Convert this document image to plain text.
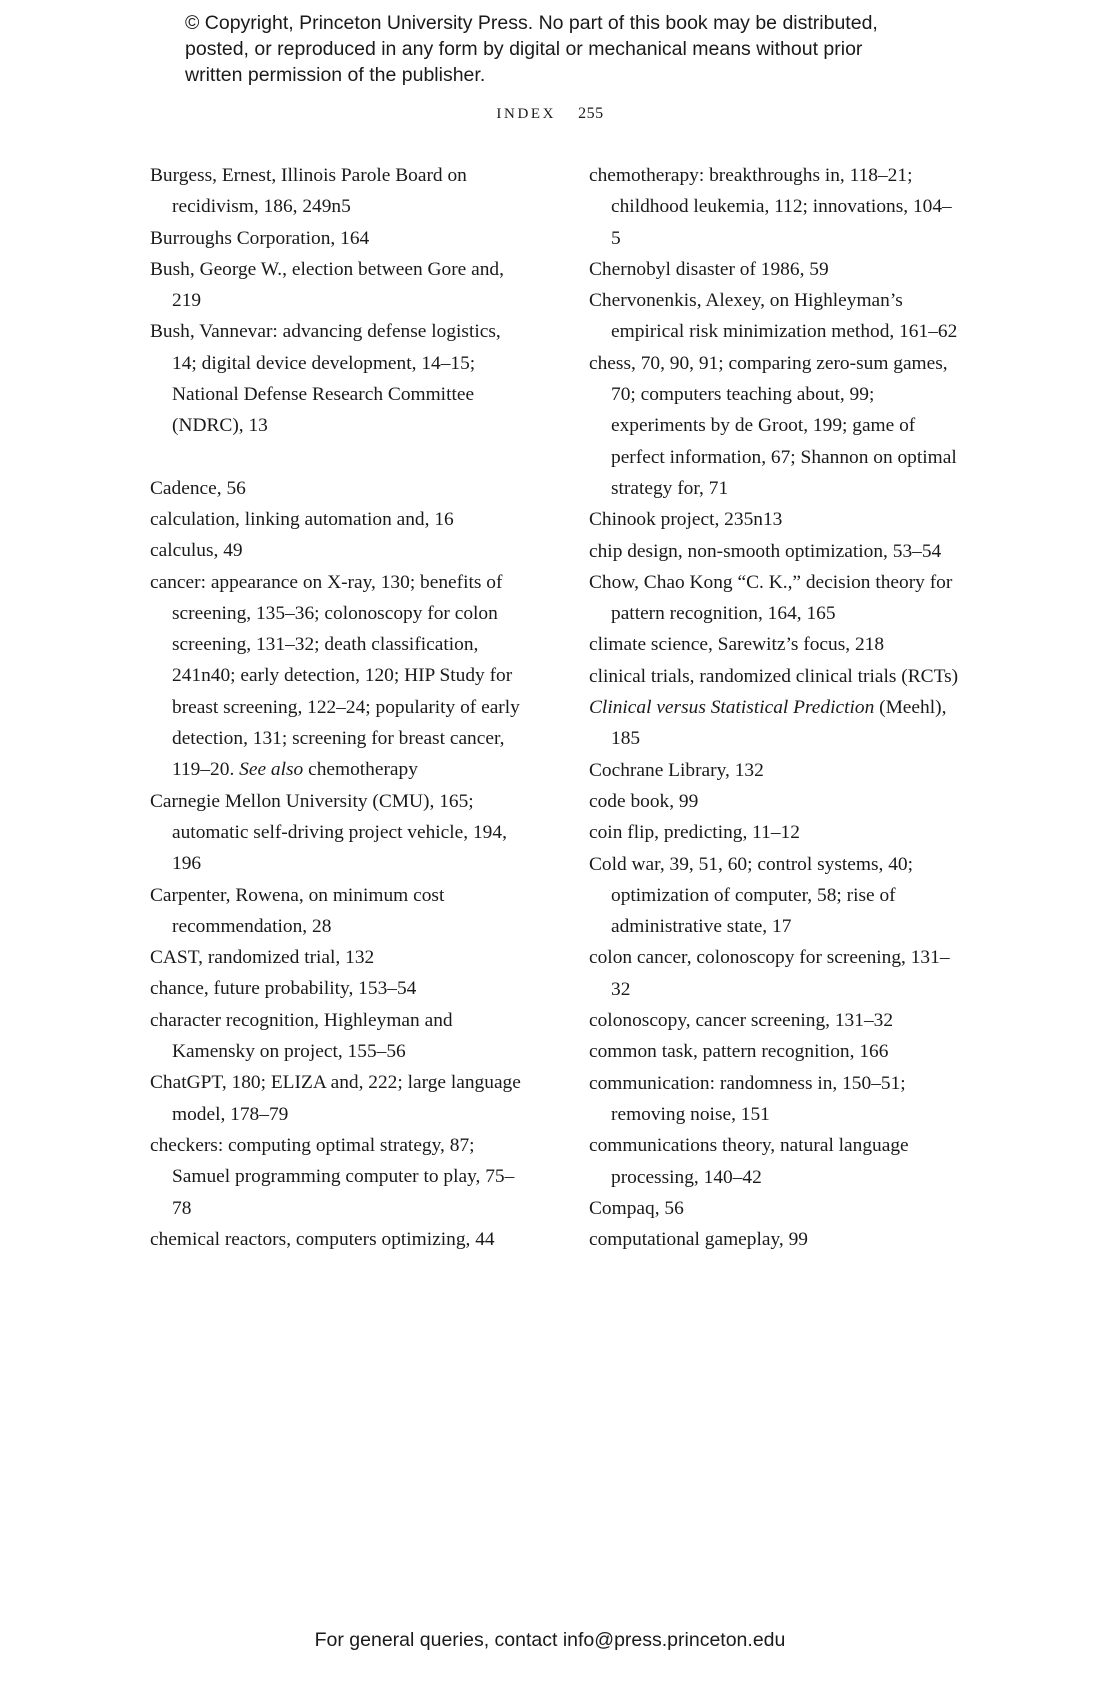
© Copyright, Princeton University Press. No part of this book may be distributed, posted, or reproduced in any form by digital or mechanical means without prior written permission of the publisher.
INDEX 255

Burgess, Ernest, Illinois Parole Board on recidivism, 186, 249n5

Burroughs Corporation, 164

Bush, George W., election between Gore and, 219

Bush, Vannevar: advancing defense logistics, 14; digital device development, 14–15; National Defense Research Committee (NDRC), 13

Cadence, 56

calculation, linking automation and, 16

calculus, 49

cancer: appearance on X-ray, 130; benefits of screening, 135–36; colonoscopy for colon screening, 131–32; death classification, 241n40; early detection, 120; HIP Study for breast screening, 122–24; popularity of early detection, 131; screening for breast cancer, 119–20. See also chemotherapy

Carnegie Mellon University (CMU), 165; automatic self-driving project vehicle, 194, 196

Carpenter, Rowena, on minimum cost recommendation, 28

CAST, randomized trial, 132

chance, future probability, 153–54

character recognition, Highleyman and Kamensky on project, 155–56

ChatGPT, 180; ELIZA and, 222; large language model, 178–79

checkers: computing optimal strategy, 87; Samuel programming computer to play, 75–78

chemical reactors, computers optimizing, 44

chemotherapy: breakthroughs in, 118–21; childhood leukemia, 112; innovations, 104–5

Chernobyl disaster of 1986, 59

Chervonenkis, Alexey, on Highleyman’s empirical risk minimization method, 161–62

chess, 70, 90, 91; comparing zero-sum games, 70; computers teaching about, 99; experiments by de Groot, 199; game of perfect information, 67; Shannon on optimal strategy for, 71

Chinook project, 235n13

chip design, non-smooth optimization, 53–54

Chow, Chao Kong “C. K.,” decision theory for pattern recognition, 164, 165

climate science, Sarewitz’s focus, 218

clinical trials, randomized clinical trials (RCTs)

Clinical versus Statistical Prediction (Meehl), 185

Cochrane Library, 132

code book, 99

coin flip, predicting, 11–12

Cold war, 39, 51, 60; control systems, 40; optimization of computer, 58; rise of administrative state, 17

colon cancer, colonoscopy for screening, 131–32

colonoscopy, cancer screening, 131–32

common task, pattern recognition, 166

communication: randomness in, 150–51; removing noise, 151

communications theory, natural language processing, 140–42

Compaq, 56

computational gameplay, 99

For general queries, contact info@press.princeton.edu
